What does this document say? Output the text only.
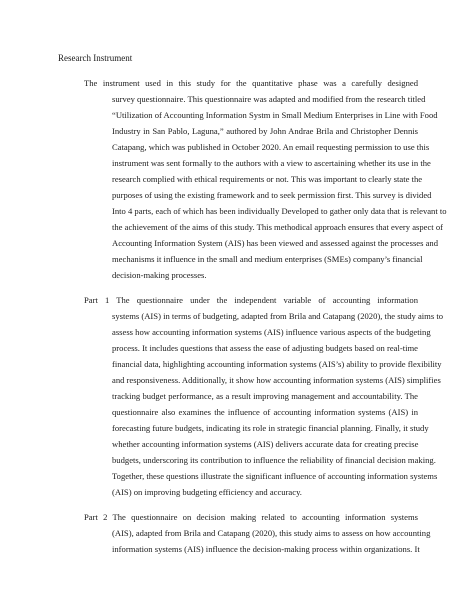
Research Instrument
The instrument used in this study for the quantitative phase was a carefully designed
survey questionnaire. This questionnaire was adapted and modified from the research titled
“Utilization of Accounting Information Systm in Small Medium Enterprises in Line with Food
Industry in San Pablo, Laguna,” authored by John Andrae Brila and Christopher Dennis
Catapang, which was published in October 2020. An email requesting permission to use this
instrument was sent formally to the authors with a view to ascertaining whether its use in the
research complied with ethical requirements or not. This was important to clearly state the
purposes of using the existing framework and to seek permission first. This survey is divided
Into 4 parts, each of which has been individually Developed to gather only data that is relevant to
the achievement of the aims of this study. This methodical approach ensures that every aspect of
Accounting Information System (AIS) has been viewed and assessed against the processes and
mechanisms it influence in the small and medium enterprises (SMEs) company’s financial
decision-making processes.
Part 1 The questionnaire under the independent variable of accounting information
systems (AIS) in terms of budgeting, adapted from Brila and Catapang (2020), the study aims to
assess how accounting information systems (AIS) influence various aspects of the budgeting
process. It includes questions that assess the ease of adjusting budgets based on real-time
financial data, highlighting accounting information systems (AIS’s) ability to provide flexibility
and responsiveness. Additionally, it show how accounting information systems (AIS) simplifies
tracking budget performance, as a result improving management and accountability. The
questionnaire also examines the influence of accounting information systems (AIS) in
forecasting future budgets, indicating its role in strategic financial planning. Finally, it study
whether accounting information systems (AIS) delivers accurate data for creating precise
budgets, underscoring its contribution to influence the reliability of financial decision making.
Together, these questions illustrate the significant influence of accounting information systems
(AIS) on improving budgeting efficiency and accuracy.
Part 2 The questionnaire on decision making related to accounting information systems
(AIS), adapted from Brila and Catapang (2020), this study aims to assess on how accounting
information systems (AIS) influence the decision-making process within organizations. It
